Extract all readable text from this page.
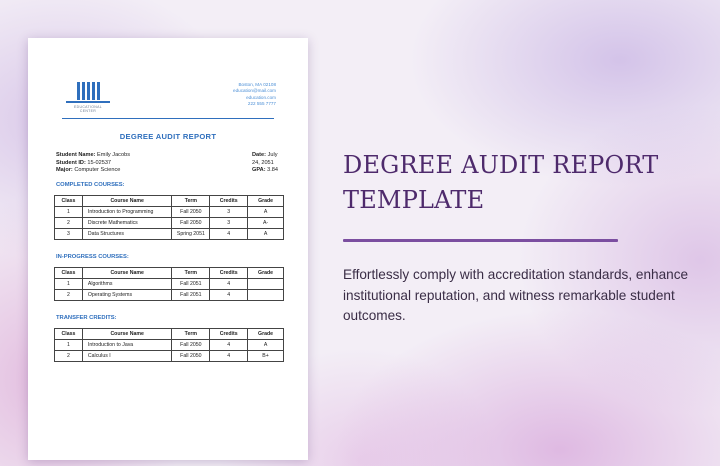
EDUCATIONAL CENTER
Boston, MA 02108
education@mail.com
education.com
222 555 7777
DEGREE AUDIT REPORT
Student Name: Emily Jacobs
Student ID: 15-02537
Major: Computer Science
Date: July 24, 2051
GPA: 3.84
COMPLETED COURSES:
Class	Course Name	Term	Credits	Grade
1	Introduction to Programming	Fall 2050	3	A
2	Discrete Mathematics	Fall 2050	3	A-
3	Data Structures	Spring 2051	4	A
IN-PROGRESS COURSES:
Class	Course Name	Term	Credits	Grade
1	Algorithms	Fall 2051	4	
2	Operating Systems	Fall 2051	4	
TRANSFER CREDITS:
Class	Course Name	Term	Credits	Grade
1	Introduction to Java	Fall 2050	4	A
2	Calculus I	Fall 2050	4	B+
DEGREE AUDIT REPORT
TEMPLATE
Effortlessly comply with accreditation standards, enhance institutional reputation, and witness remarkable student outcomes.
